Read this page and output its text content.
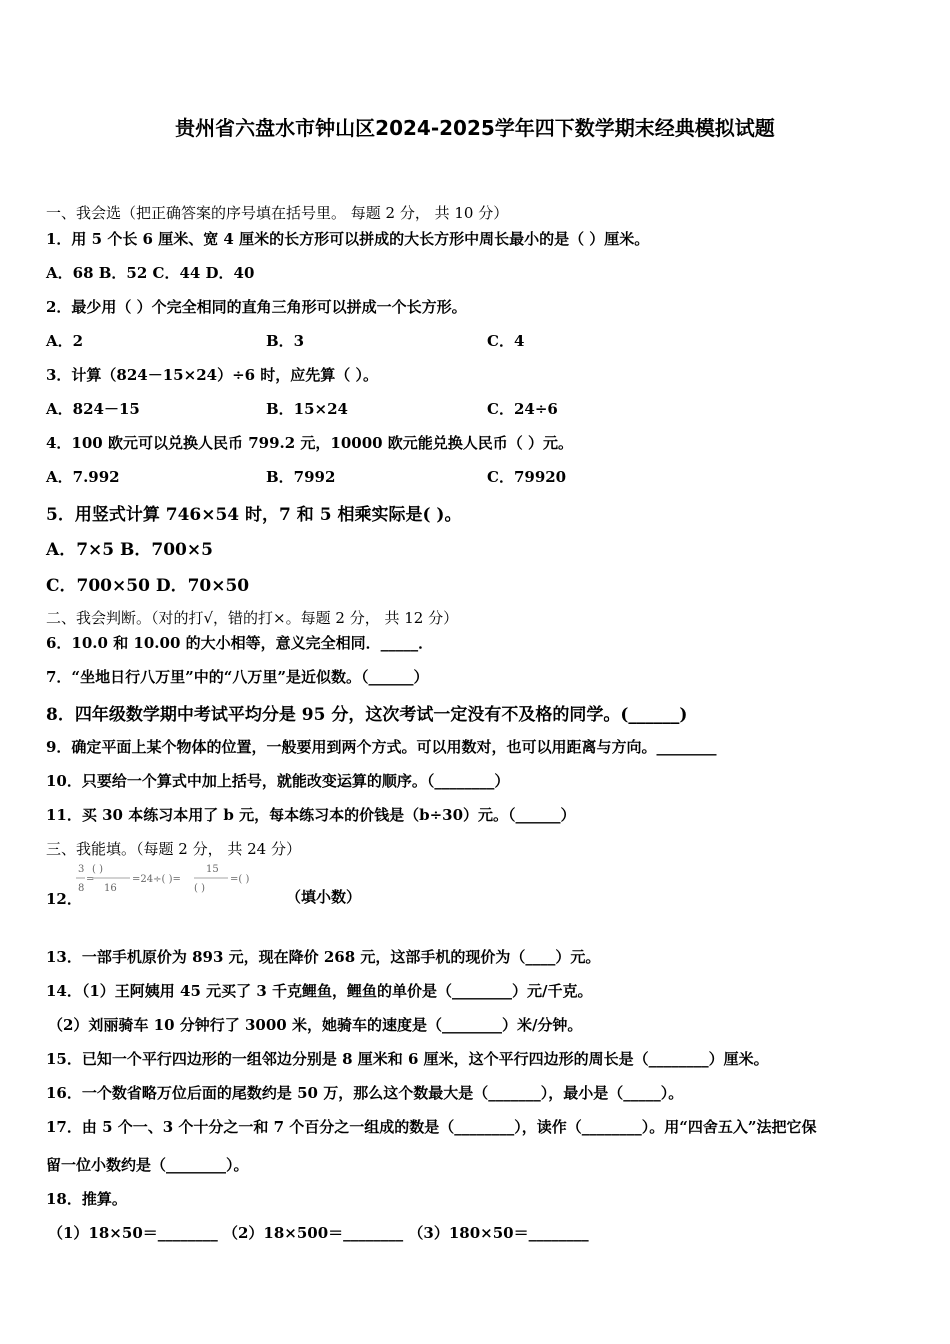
贵州省六盘水市钟山区2024-2025学年四下数学期末经典模拟试题
一、我会选（把正确答案的序号填在括号里。 每题 2 分， 共 10 分）
1．用 5 个长 6 厘米、宽 4 厘米的长方形可以拼成的大长方形中周长最小的是（ ）厘米。
A．68 B．52 C．44 D．40
2．最少用（ ）个完全相同的直角三角形可以拼成一个长方形。
A．2	B．3	C．4
3．计算（824－15×24）÷6 时，应先算（ ）。
A．824－15	B．15×24	C．24÷6
4．100 欧元可以兑换人民币 799.2 元，10000 欧元能兑换人民币（ ）元。
A．7.992	B．7992	C．79920
5．用竖式计算 746×54 时，7 和 5 相乘实际是( )。
A．7×5 B．700×5
C．700×50 D．70×50
二、我会判断。（对的打√，错的打×。每题 2 分， 共 12 分）
6．10.0 和 10.00 的大小相等，意义完全相同．_____．
7．“坐地日行八万里”中的“八万里”是近似数。（______）
8．四年级数学期中考试平均分是 95 分，这次考试一定没有不及格的同学。(______)
9．确定平面上某个物体的位置，一般要用到两个方式。可以用数对，也可以用距离与方向。________
10．只要给一个算式中加上括号，就能改变运算的顺序。（________）
11．买 30 本练习本用了 b 元，每本练习本的价钱是（b÷30）元。（______）
三、我能填。（每题 2 分， 共 24 分）
12．
3
8
=
( )
16
=24÷( )=
15
( )
=( )
（填小数）
13．一部手机原价为 893 元，现在降价 268 元，这部手机的现价为（____）元。
14．（1）王阿姨用 45 元买了 3 千克鲤鱼，鲤鱼的单价是（________）元/千克。
（2）刘丽骑车 10 分钟行了 3000 米，她骑车的速度是（________）米/分钟。
15．已知一个平行四边形的一组邻边分别是 8 厘米和 6 厘米，这个平行四边形的周长是（________）厘米。
16．一个数省略万位后面的尾数约是 50 万，那么这个数最大是（_______），最小是（_____）。
17．由 5 个一、3 个十分之一和 7 个百分之一组成的数是（________），读作（________）。用“四舍五入”法把它保
留一位小数约是（________）。
18．推算。
（1）18×50＝________ （2）18×500＝________ （3）180×50＝________
